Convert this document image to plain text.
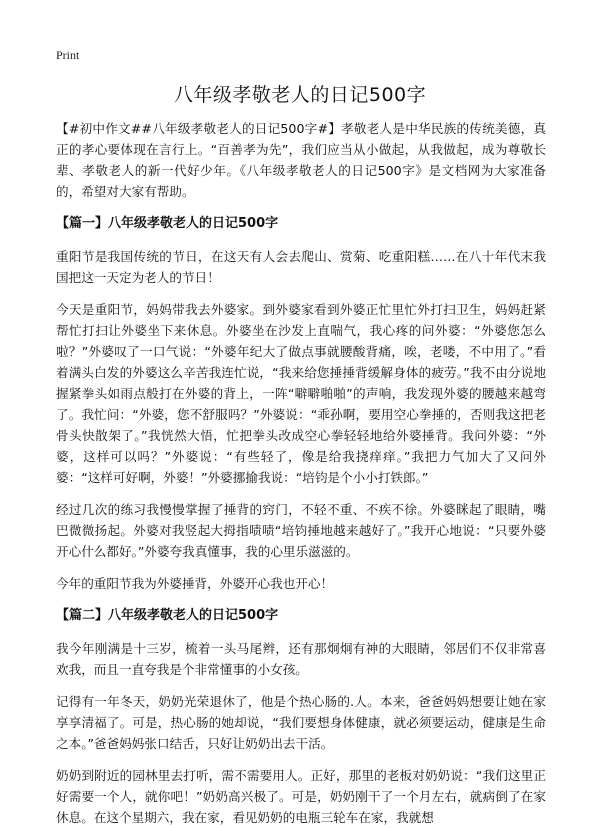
Print
八年级孝敬老人的日记500字

【#初中作文##八年级孝敬老人的日记500字#】孝敬老人是中华民族的传统美德，真正的孝心要体现在言行上。“百善孝为先”，我们应当从小做起，从我做起，成为尊敬长辈、孝敬老人的新一代好少年。《八年级孝敬老人的日记500字》是文档网为大家准备的，希望对大家有帮助。

【篇一】八年级孝敬老人的日记500字

重阳节是我国传统的节日，在这天有人会去爬山、赏菊、吃重阳糕……在八十年代末我国把这一天定为老人的节日！

今天是重阳节，妈妈带我去外婆家。到外婆家看到外婆正忙里忙外打扫卫生，妈妈赶紧帮忙打扫让外婆坐下来休息。外婆坐在沙发上直喘气，我心疼的问外婆：“外婆您怎么啦？”外婆叹了一口气说：“外婆年纪大了做点事就腰酸背痛，唉，老喽，不中用了。”看着满头白发的外婆这么辛苦我连忙说，“我来给您捶捶背缓解身体的疲劳。”我不由分说地握紧拳头如雨点般打在外婆的背上，一阵“噼噼啪啪”的声响，我发现外婆的腰越来越弯了。我忙问：“外婆，您不舒服吗？”外婆说：“乖孙啊，要用空心拳捶的，否则我这把老骨头快散架了。”我恍然大悟，忙把拳头改成空心拳轻轻地给外婆捶背。我问外婆：“外婆，这样可以吗？”外婆说：“有些轻了，像是给我挠痒痒。”我把力气加大了又问外婆：“这样可好啊，外婆！”外婆挪揄我说：“培钧是个小小打铁郎。”

经过几次的练习我慢慢掌握了捶背的窍门，不轻不重、不疾不徐。外婆眯起了眼睛，嘴巴微微扬起。外婆对我竖起大拇指啧啧“培钧捶地越来越好了。”我开心地说：“只要外婆开心什么都好。”外婆夸我真懂事，我的心里乐滋滋的。

今年的重阳节我为外婆捶背，外婆开心我也开心！

【篇二】八年级孝敬老人的日记500字

我今年刚满是十三岁，梳着一头马尾辫，还有那炯炯有神的大眼睛，邻居们不仅非常喜欢我，而且一直夸我是个非常懂事的小女孩。

记得有一年冬天，奶奶光荣退休了，他是个热心肠的.人。本来，爸爸妈妈想要让她在家享享清福了。可是，热心肠的她却说，“我们要想身体健康，就必须要运动，健康是生命之本。”爸爸妈妈张口结舌，只好让奶奶出去干活。

奶奶到附近的园林里去打听，需不需要用人。正好，那里的老板对奶奶说：“我们这里正好需要一个人，就你吧！”奶奶高兴极了。可是，奶奶刚干了一个月左右，就病倒了在家休息。在这个星期六，我在家，看见奶奶的电瓶三轮车在家，我就想
